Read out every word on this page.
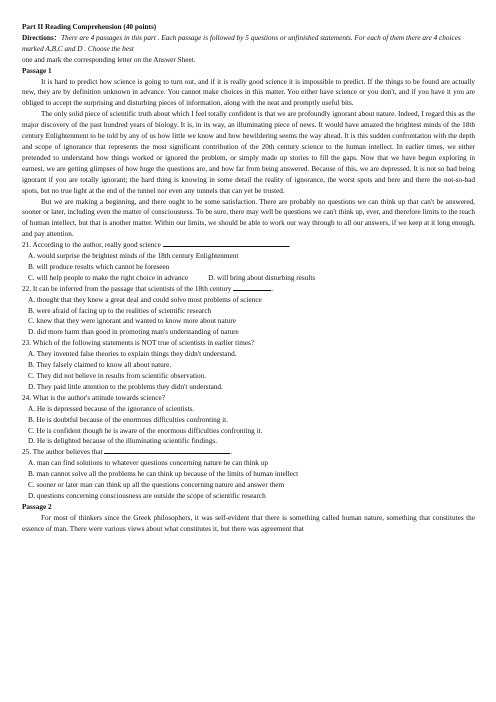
Part II Reading Comprehension (40 points)

Directions：There are 4 passages in this part . Each passage is followed by 5 questions or unfinished statements. For each of them there are 4 choices marked A,B,C and D . Choose the best

one and mark the corresponding letter on the Answer Sheet.

Passage 1

It is hard to predict how science is going to turn out, and if it is really good science it is impossible to predict. If the things to be found are actually new, they are by definition unknown in advance. You cannot make choices in this matter. You either have science or you don't, and if you have it you are obliged to accept the surprising and disturbing pieces of information, along with the neat and promptly useful bits.

The only solid piece of scientific truth about which I feel totally confident is that we are profoundly ignorant about nature. Indeed, I regard this as the major discovery of the past hundred years of biology. It is, in its way, an illuminating piece of news. It would have amazed the brightest minds of the 18th century Enlightenment to be told by any of us how little we know and how bewildering seems the way ahead. It is this sudden confrontation with the depth and scope of ignorance that represents the most significant contribution of the 20th century science to the human intellect. In earlier times, we either pretended to understand how things worked or ignored the problem, or simply made up stories to fill the gaps. Now that we have begun exploring in earnest, we are getting glimpses of how huge the questions are, and how far from being answered. Because of this, we are depressed. It is not so bad being ignorant if you are totally ignorant; the hard thing is knowing in some detail the reality of ignorance, the worst spots and here and there the not-so-bad spots, but no true light at the end of the tunnel nor even any tunnels that can yet be trusted.

But we are making a beginning, and there ought to be some satisfaction. There are probably no questions we can think up that can't be answered, sooner or later, including even the matter of consciousness. To be sure, there may well be questions we can't think up, ever, and therefore limits to the reach of human intellect, but that is another matter. Within our limits, we should be able to work our way through to all our answers, if we keep at it long enough, and pay attention.

21. According to the author, really good science	.

A. would surprise the brightest minds of the 18th century Enlightenment

B. will produce results which cannot be foreseen

C. will help people to make the right choice in advance	D. will bring about disturbing results

22. It can be inferred from the passage that scientists of the 18th century	.

A. thought that they knew a great deal and could solve most problems of science

B. were afraid of facing up to the realities of scientific research

C. knew that they were ignorant and wanted to know more about nature

D. did more harm than good in promoting man's understanding of nature

23. Which of the following statements is NOT true of scientists in earlier times?

A. They invented false theories to explain things they didn't understand.

B. They falsely claimed to know all about nature.

C. They did not believe in results from scientific observation.

D. They paid little attention to the problems they didn't understand.

24. What is the author's attitude towards science?

A. He is depressed because of the ignorance of scientists.

B. He is doubtful because of the enormous difficulties confronting it.

C. He is confident though he is aware of the enormous difficulties confronting it.

D. He is delighted because of the illuminating scientific findings.

25. The author believes that	.

A. man can find solutions to whatever questions concerning nature he can think up

B. man cannot solve all the problems he can think up because of the limits of human intellect

C. sooner or later man can think up all the questions concerning nature and answer them

D. questions concerning consciousness are outside the scope of scientific research

Passage 2

For most of thinkers since the Greek philosophers, it was self-evident that there is something called human nature, something that constitutes the essence of man. There were various views about what constitutes it, but there was agreement that
